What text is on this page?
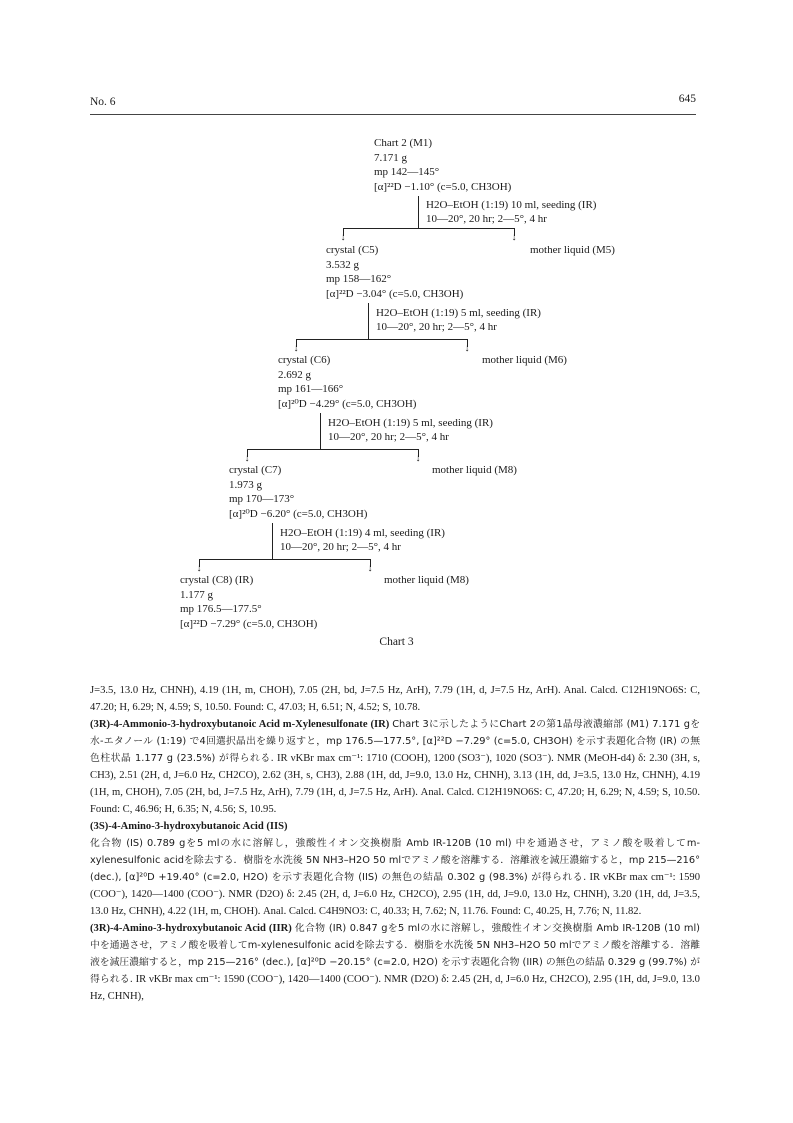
No. 6	645
Chart 2 (M1)
7.171 g
mp 142—145°
[α]²²D −1.10° (c=5.0, CH3OH)
H2O–EtOH (1:19) 10 ml, seeding (IR)
10—20°, 20 hr; 2—5°, 4 hr
↓	↓
crystal (C5)
3.532 g
mp 158—162°
[α]²²D −3.04° (c=5.0, CH3OH)
mother liquid (M5)
H2O–EtOH (1:19) 5 ml, seeding (IR)
10—20°, 20 hr; 2—5°, 4 hr
↓	↓
crystal (C6)
2.692 g
mp 161—166°
[α]²⁰D −4.29° (c=5.0, CH3OH)
mother liquid (M6)
H2O–EtOH (1:19) 5 ml, seeding (IR)
10—20°, 20 hr; 2—5°, 4 hr
↓	↓
crystal (C7)
1.973 g
mp 170—173°
[α]²⁰D −6.20° (c=5.0, CH3OH)
mother liquid (M8)
H2O–EtOH (1:19) 4 ml, seeding (IR)
10—20°, 20 hr; 2—5°, 4 hr
↓	↓
crystal (C8) (IR)
1.177 g
mp 176.5—177.5°
[α]²²D −7.29° (c=5.0, CH3OH)
mother liquid (M8)
Chart 3

J=3.5, 13.0 Hz, CHNH), 4.19 (1H, m, CHOH), 7.05 (2H, bd, J=7.5 Hz, ArH), 7.79 (1H, d, J=7.5 Hz, ArH). Anal. Calcd. C12H19NO6S: C, 47.20; H, 6.29; N, 4.59; S, 10.50. Found: C, 47.03; H, 6.51; N, 4.52; S, 10.78.

(3R)-4-Ammonio-3-hydroxybutanoic Acid m-Xylenesulfonate (IR) Chart 3に示したようにChart 2の第1晶母液濃縮部 (M1) 7.171 gを水-エタノール (1:19) で4回選択晶出を繰り返すと，mp 176.5—177.5°, [α]²²D −7.29° (c=5.0, CH3OH) を示す表題化合物 (IR) の無色柱状晶 1.177 g (23.5%) が得られる. IR νKBr max cm⁻¹: 1710 (COOH), 1200 (SO3⁻), 1020 (SO3⁻). NMR (MeOH-d4) δ: 2.30 (3H, s, CH3), 2.51 (2H, d, J=6.0 Hz, CH2CO), 2.62 (3H, s, CH3), 2.88 (1H, dd, J=9.0, 13.0 Hz, CHNH), 3.13 (1H, dd, J=3.5, 13.0 Hz, CHNH), 4.19 (1H, m, CHOH), 7.05 (2H, bd, J=7.5 Hz, ArH), 7.79 (1H, d, J=7.5 Hz, ArH). Anal. Calcd. C12H19NO6S: C, 47.20; H, 6.29; N, 4.59; S, 10.50. Found: C, 46.96; H, 6.35; N, 4.56; S, 10.95.

(3S)-4-Amino-3-hydroxybutanoic Acid (IIS)

化合物 (IS) 0.789 gを5 mlの水に溶解し，強酸性イオン交換樹脂 Amb IR-120B (10 ml) 中を通過させ，アミノ酸を吸着してm-xylenesulfonic acidを除去する．樹脂を水洗後 5N NH3–H2O 50 mlでアミノ酸を溶離する．溶離液を減圧濃縮すると，mp 215—216° (dec.), [α]²⁰D +19.40° (c=2.0, H2O) を示す表題化合物 (IIS) の無色の結晶 0.302 g (98.3%) が得られる. IR νKBr max cm⁻¹: 1590 (COO⁻), 1420—1400 (COO⁻). NMR (D2O) δ: 2.45 (2H, d, J=6.0 Hz, CH2CO), 2.95 (1H, dd, J=9.0, 13.0 Hz, CHNH), 3.20 (1H, dd, J=3.5, 13.0 Hz, CHNH), 4.22 (1H, m, CHOH). Anal. Calcd. C4H9NO3: C, 40.33; H, 7.62; N, 11.76. Found: C, 40.25, H, 7.76; N, 11.82.

(3R)-4-Amino-3-hydroxybutanoic Acid (IIR) 化合物 (IR) 0.847 gを5 mlの水に溶解し，強酸性イオン交換樹脂 Amb IR-120B (10 ml) 中を通過させ，アミノ酸を吸着してm-xylenesulfonic acidを除去する．樹脂を水洗後 5N NH3–H2O 50 mlでアミノ酸を溶離する．溶離液を減圧濃縮すると，mp 215—216° (dec.), [α]²⁰D −20.15° (c=2.0, H2O) を示す表題化合物 (IIR) の無色の結晶 0.329 g (99.7%) が得られる. IR νKBr max cm⁻¹: 1590 (COO⁻), 1420—1400 (COO⁻). NMR (D2O) δ: 2.45 (2H, d, J=6.0 Hz, CH2CO), 2.95 (1H, dd, J=9.0, 13.0 Hz, CHNH),
